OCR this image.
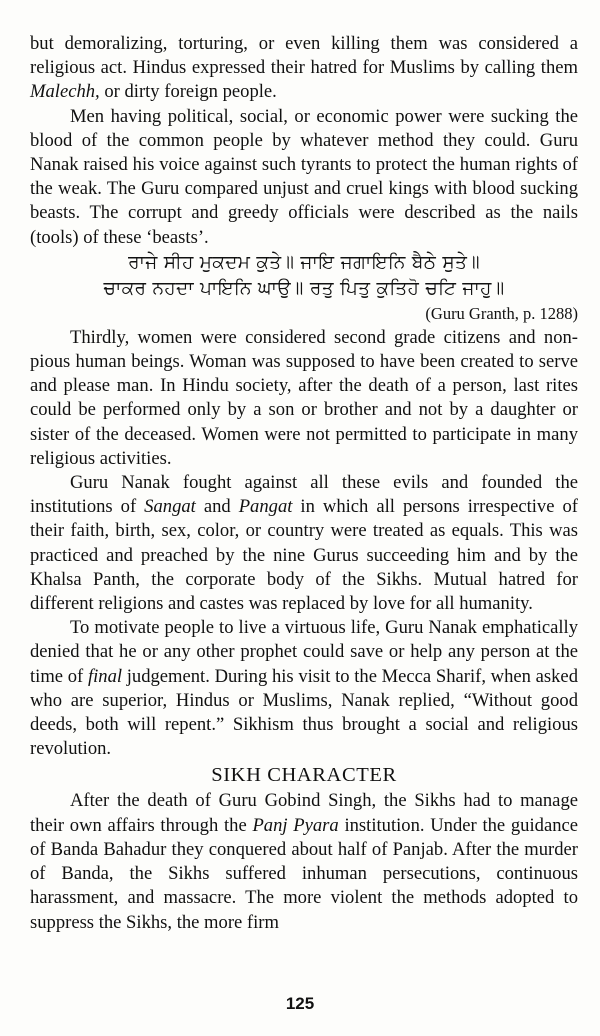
but demoralizing, torturing, or even killing them was considered a religious act. Hindus expressed their hatred for Muslims by calling them Malechh, or dirty foreign people.

Men having political, social, or economic power were sucking the blood of the common people by whatever method they could. Guru Nanak raised his voice against such tyrants to protect the human rights of the weak. The Guru compared unjust and cruel kings with blood sucking beasts. The corrupt and greedy officials were described as the nails (tools) of these ‘beasts’.

ਰਾਜੇ ਸੀਹ ਮੁਕਦਮ ਕੁਤੇ॥ ਜਾਇ ਜਗਾਇਨਿ ਬੈਠੇ ਸੁਤੇ॥

ਚਾਕਰ ਨਹਦਾ ਪਾਇਨਿ ਘਾਉ॥ ਰਤੁ ਪਿਤੁ ਕੁਤਿਹੋ ਚਟਿ ਜਾਹੁ॥

(Guru Granth, p. 1288)

Thirdly, women were considered second grade citizens and non-pious human beings. Woman was supposed to have been created to serve and please man. In Hindu society, after the death of a person, last rites could be performed only by a son or brother and not by a daughter or sister of the deceased. Women were not permitted to participate in many religious activities.

Guru Nanak fought against all these evils and founded the institutions of Sangat and Pangat in which all persons irrespective of their faith, birth, sex, color, or country were treated as equals. This was practiced and preached by the nine Gurus succeeding him and by the Khalsa Panth, the corporate body of the Sikhs. Mutual hatred for different religions and castes was replaced by love for all humanity.

To motivate people to live a virtuous life, Guru Nanak emphatically denied that he or any other prophet could save or help any person at the time of final judgement. During his visit to the Mecca Sharif, when asked who are superior, Hindus or Muslims, Nanak replied, “Without good deeds, both will repent.” Sikhism thus brought a social and religious revolution.

SIKH CHARACTER

After the death of Guru Gobind Singh, the Sikhs had to manage their own affairs through the Panj Pyara institution. Under the guidance of Banda Bahadur they conquered about half of Panjab. After the murder of Banda, the Sikhs suffered inhuman persecutions, continuous harassment, and massacre. The more violent the methods adopted to suppress the Sikhs, the more firm

125
